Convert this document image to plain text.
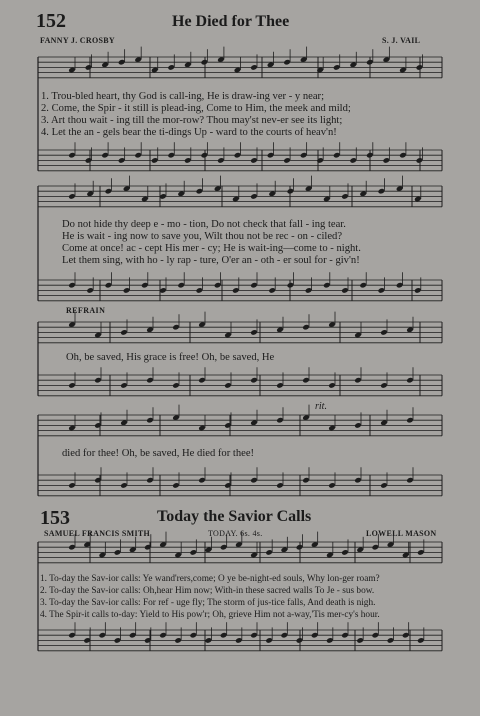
152	He Died for Thee
FANNY J. CROSBY	S. J. VAIL
1. Trou-bled heart, thy God is call-ing, He is draw-ing ver - y near;
2. Come, the Spir - it still is plead-ing, Come to Him, the meek and mild;
3. Art thou wait - ing till the mor-row? Thou may'st nev-er see its light;
4. Let the an - gels bear the ti-dings Up - ward to the courts of heav'n!
Do not hide thy deep e - mo - tion, Do not check that fall - ing tear.
He is wait - ing now to save you, Wilt thou not be rec - on - ciled?
Come at once! ac - cept His mer - cy; He is wait-ing—come to - night.
Let them sing, with ho - ly rap - ture, O'er an - oth - er soul for - giv'n!
REFRAIN
Oh, be saved, His grace is free! Oh, be saved, He
rit.
died for thee! Oh, be saved, He died for thee!
153	Today the Savior Calls
SAMUEL FRANCIS SMITH	TODAY. 6s. 4s.	LOWELL MASON
1. To-day the Sav-ior calls: Ye wand'rers,come; O ye be-night-ed souls, Why lon-ger roam?
2. To-day the Sav-ior calls: Oh,hear Him now; With-in these sacred walls To Je - sus bow.
3. To-day the Sav-ior calls: For ref - uge fly; The storm of jus-tice falls, And death is nigh.
4. The Spir-it calls to-day: Yield to His pow'r; Oh, grieve Him not a-way,'Tis mer-cy's hour.
